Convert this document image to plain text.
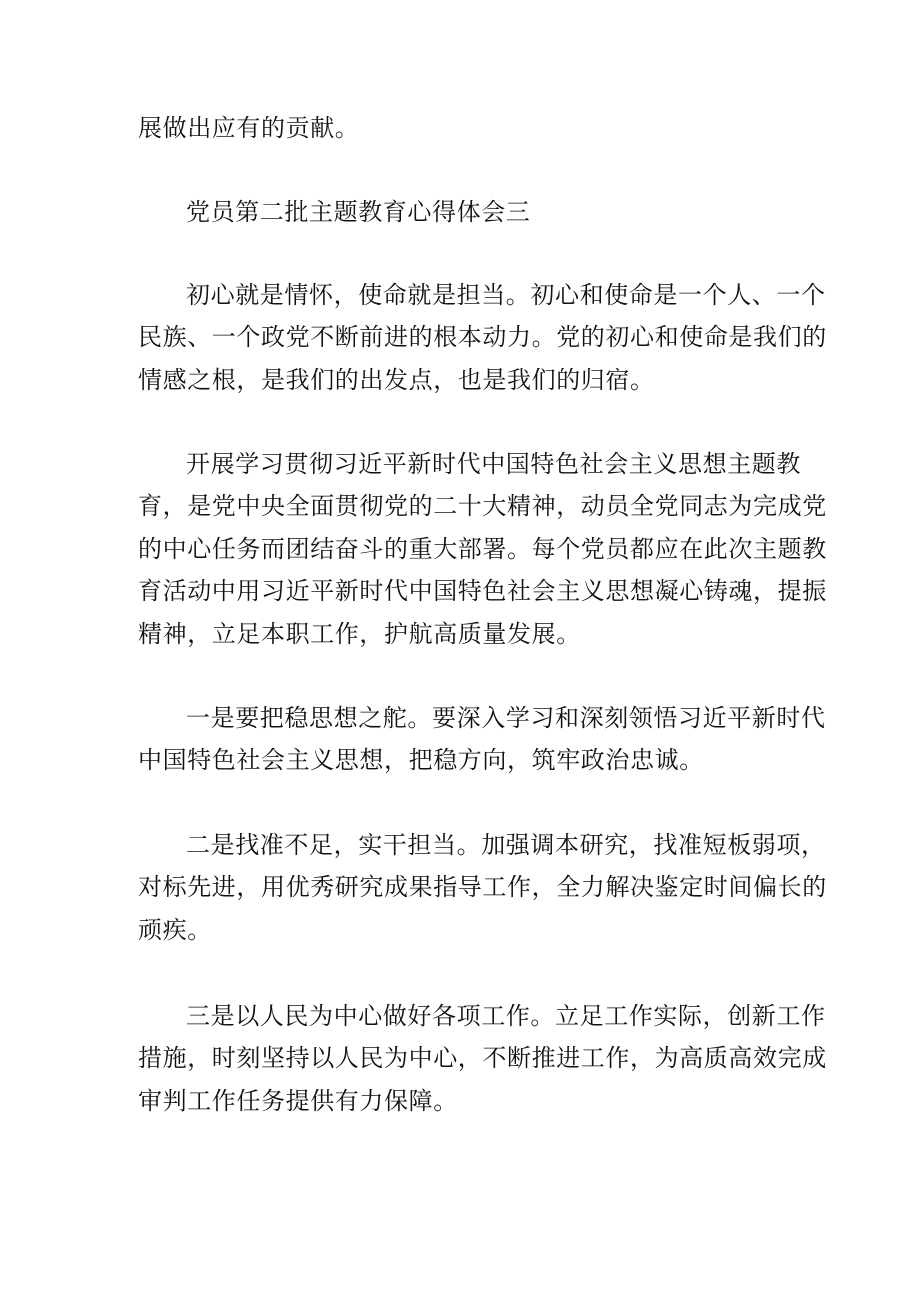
展做出应有的贡献。
党员第二批主题教育心得体会三
初心就是情怀，使命就是担当。初心和使命是一个人、一个
民族、一个政党不断前进的根本动力。党的初心和使命是我们的
情感之根，是我们的出发点，也是我们的归宿。
开展学习贯彻习近平新时代中国特色社会主义思想主题教
育，是党中央全面贯彻党的二十大精神，动员全党同志为完成党
的中心任务而团结奋斗的重大部署。每个党员都应在此次主题教
育活动中用习近平新时代中国特色社会主义思想凝心铸魂，提振
精神，立足本职工作，护航高质量发展。
一是要把稳思想之舵。要深入学习和深刻领悟习近平新时代
中国特色社会主义思想，把稳方向，筑牢政治忠诚。
二是找准不足，实干担当。加强调本研究，找准短板弱项，
对标先进，用优秀研究成果指导工作，全力解决鉴定时间偏长的
顽疾。
三是以人民为中心做好各项工作。立足工作实际，创新工作
措施，时刻坚持以人民为中心，不断推进工作，为高质高效完成
审判工作任务提供有力保障。
